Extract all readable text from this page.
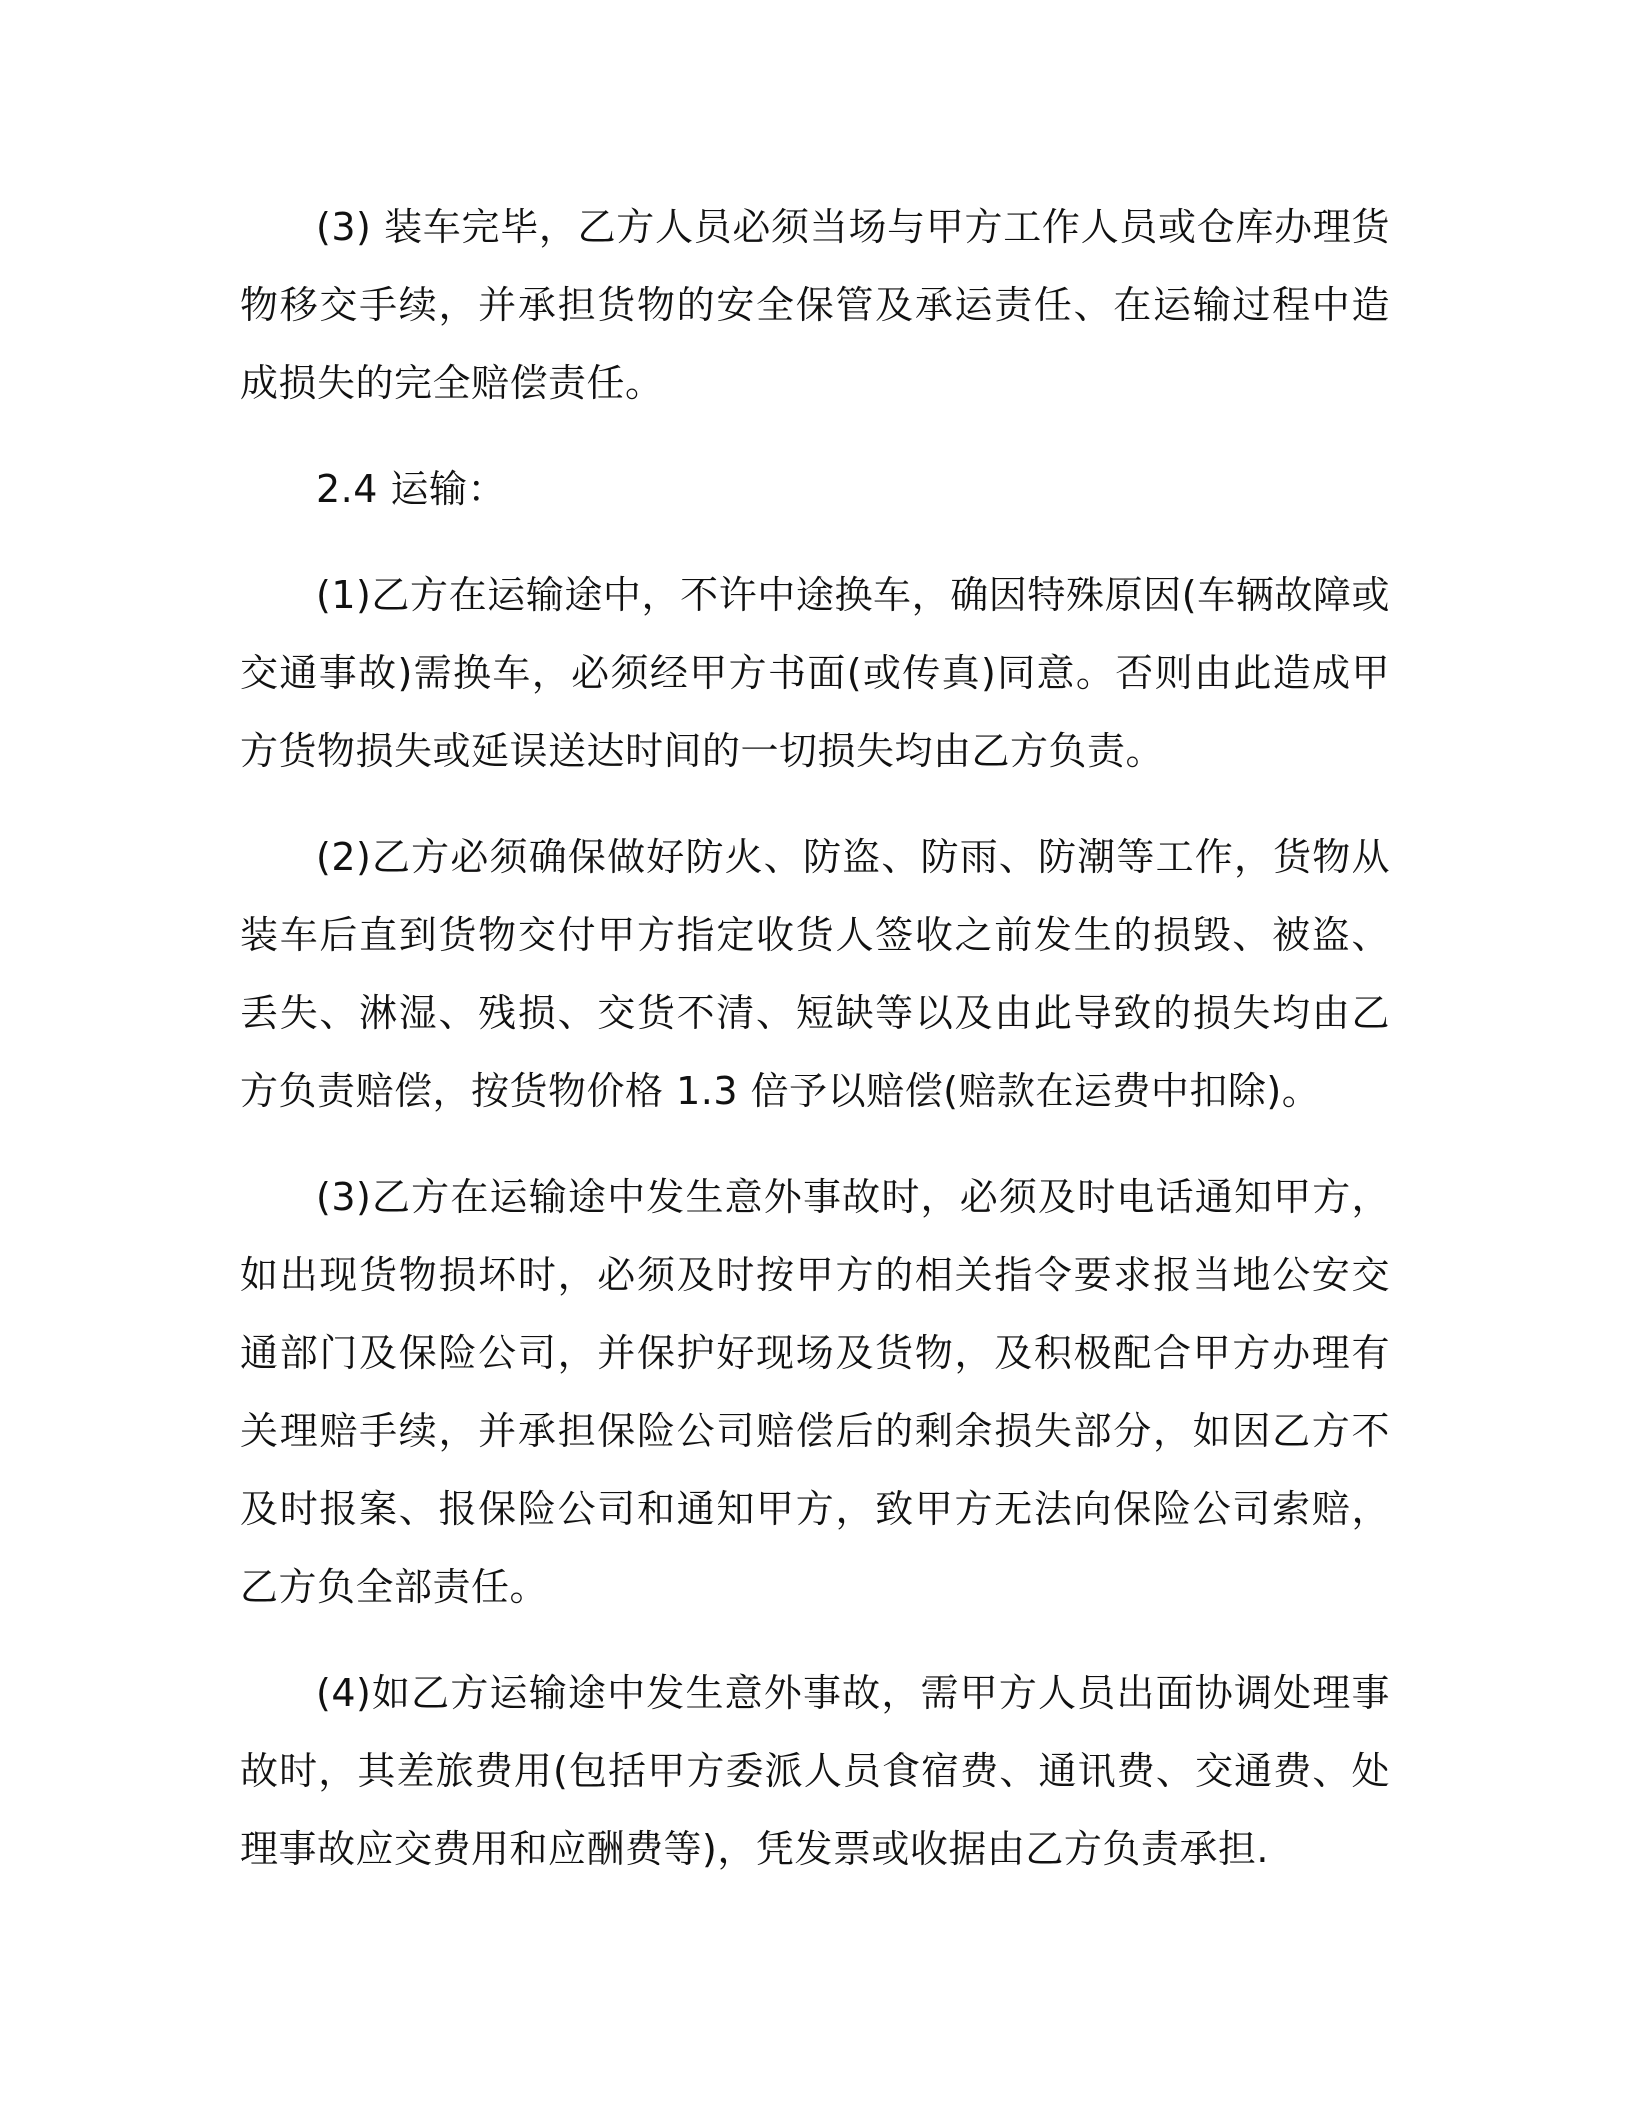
(3) 装车完毕，乙方人员必须当场与甲方工作人员或仓库办理货物移交手续，并承担货物的安全保管及承运责任、在运输过程中造成损失的完全赔偿责任。

2.4 运输：

(1)乙方在运输途中，不许中途换车，确因特殊原因(车辆故障或交通事故)需换车，必须经甲方书面(或传真)同意。否则由此造成甲方货物损失或延误送达时间的一切损失均由乙方负责。

(2)乙方必须确保做好防火、防盗、防雨、防潮等工作，货物从装车后直到货物交付甲方指定收货人签收之前发生的损毁、被盗、丢失、淋湿、残损、交货不清、短缺等以及由此导致的损失均由乙方负责赔偿，按货物价格 1.3 倍予以赔偿(赔款在运费中扣除)。

(3)乙方在运输途中发生意外事故时，必须及时电话通知甲方，如出现货物损坏时，必须及时按甲方的相关指令要求报当地公安交通部门及保险公司，并保护好现场及货物，及积极配合甲方办理有关理赔手续，并承担保险公司赔偿后的剩余损失部分，如因乙方不及时报案、报保险公司和通知甲方，致甲方无法向保险公司索赔，乙方负全部责任。

(4)如乙方运输途中发生意外事故，需甲方人员出面协调处理事故时，其差旅费用(包括甲方委派人员食宿费、通讯费、交通费、处理事故应交费用和应酬费等)，凭发票或收据由乙方负责承担.
